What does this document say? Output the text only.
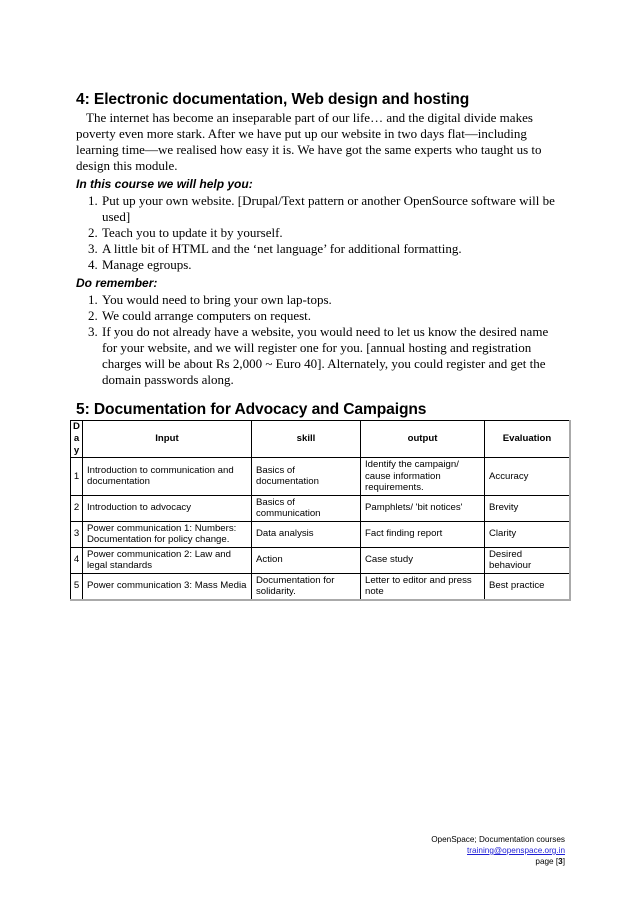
4: Electronic documentation, Web design and hosting

The internet has become an inseparable part of our life… and the digital divide makes poverty even more stark. After we have put up our website in two days flat—including learning time—we realised how easy it is. We have got the same experts who taught us to design this module.

In this course we will help you:
1. Put up your own website. [Drupal/Text pattern or another OpenSource software will be used]
2. Teach you to update it by yourself.
3. A little bit of HTML and the ‘net language’ for additional formatting.
4. Manage egroups.
Do remember:
1. You would need to bring your own lap-tops.
2. We could arrange computers on request.
3. If you do not already have a website, you would need to let us know the desired name for your website, and we will register one for you. [annual hosting and registration charges will be about Rs 2,000 ~ Euro 40]. Alternately, you could register and get the domain passwords along.
5: Documentation for Advocacy and Campaigns
Day	Input	skill	output	Evaluation
1	Introduction to communication and documentation	Basics of documentation	Identify the campaign/ cause information requirements.	Accuracy
2	Introduction to advocacy	Basics of communication	Pamphlets/ 'bit notices'	Brevity
3	Power communication 1: Numbers: Documentation for policy change.	Data analysis	Fact finding report	Clarity
4	Power communication 2: Law and legal standards	Action	Case study	Desired behaviour
5	Power communication 3: Mass Media	Documentation for solidarity.	Letter to editor and press note	Best practice
OpenSpace; Documentation courses
training@openspace.org.in
page [3]
